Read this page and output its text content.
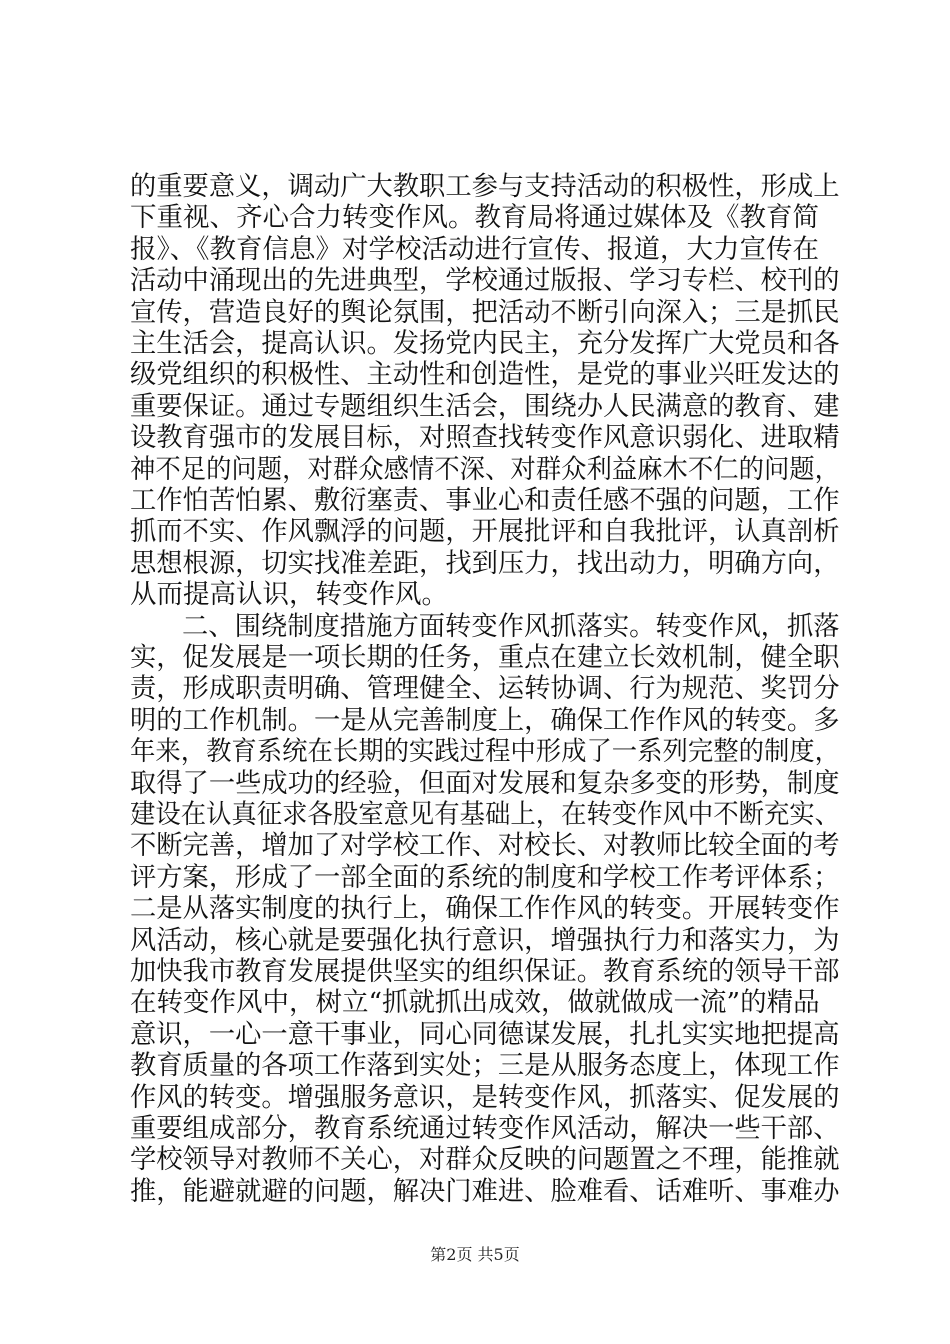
的重要意义，调动广大教职工参与支持活动的积极性，形成上
下重视、齐心合力转变作风。教育局将通过媒体及《教育简
报》、《教育信息》对学校活动进行宣传、报道，大力宣传在
活动中涌现出的先进典型，学校通过版报、学习专栏、校刊的
宣传，营造良好的舆论氛围，把活动不断引向深入；三是抓民
主生活会，提高认识。发扬党内民主，充分发挥广大党员和各
级党组织的积极性、主动性和创造性，是党的事业兴旺发达的
重要保证。通过专题组织生活会，围绕办人民满意的教育、建
设教育强市的发展目标，对照查找转变作风意识弱化、进取精
神不足的问题，对群众感情不深、对群众利益麻木不仁的问题，
工作怕苦怕累、敷衍塞责、事业心和责任感不强的问题，工作
抓而不实、作风飘浮的问题，开展批评和自我批评，认真剖析
思想根源，切实找准差距，找到压力，找出动力，明确方向，
从而提高认识，转变作风。
二、围绕制度措施方面转变作风抓落实。转变作风，抓落
实，促发展是一项长期的任务，重点在建立长效机制，健全职
责，形成职责明确、管理健全、运转协调、行为规范、奖罚分
明的工作机制。一是从完善制度上，确保工作作风的转变。多
年来，教育系统在长期的实践过程中形成了一系列完整的制度，
取得了一些成功的经验，但面对发展和复杂多变的形势，制度
建设在认真征求各股室意见有基础上，在转变作风中不断充实、
不断完善，增加了对学校工作、对校长、对教师比较全面的考
评方案，形成了一部全面的系统的制度和学校工作考评体系；
二是从落实制度的执行上，确保工作作风的转变。开展转变作
风活动，核心就是要强化执行意识，增强执行力和落实力，为
加快我市教育发展提供坚实的组织保证。教育系统的领导干部
在转变作风中，树立“抓就抓出成效，做就做成一流”的精品
意识，一心一意干事业，同心同德谋发展，扎扎实实地把提高
教育质量的各项工作落到实处；三是从服务态度上，体现工作
作风的转变。增强服务意识，是转变作风，抓落实、促发展的
重要组成部分，教育系统通过转变作风活动，解决一些干部、
学校领导对教师不关心，对群众反映的问题置之不理，能推就
推，能避就避的问题，解决门难进、脸难看、话难听、事难办
第2页 共5页
